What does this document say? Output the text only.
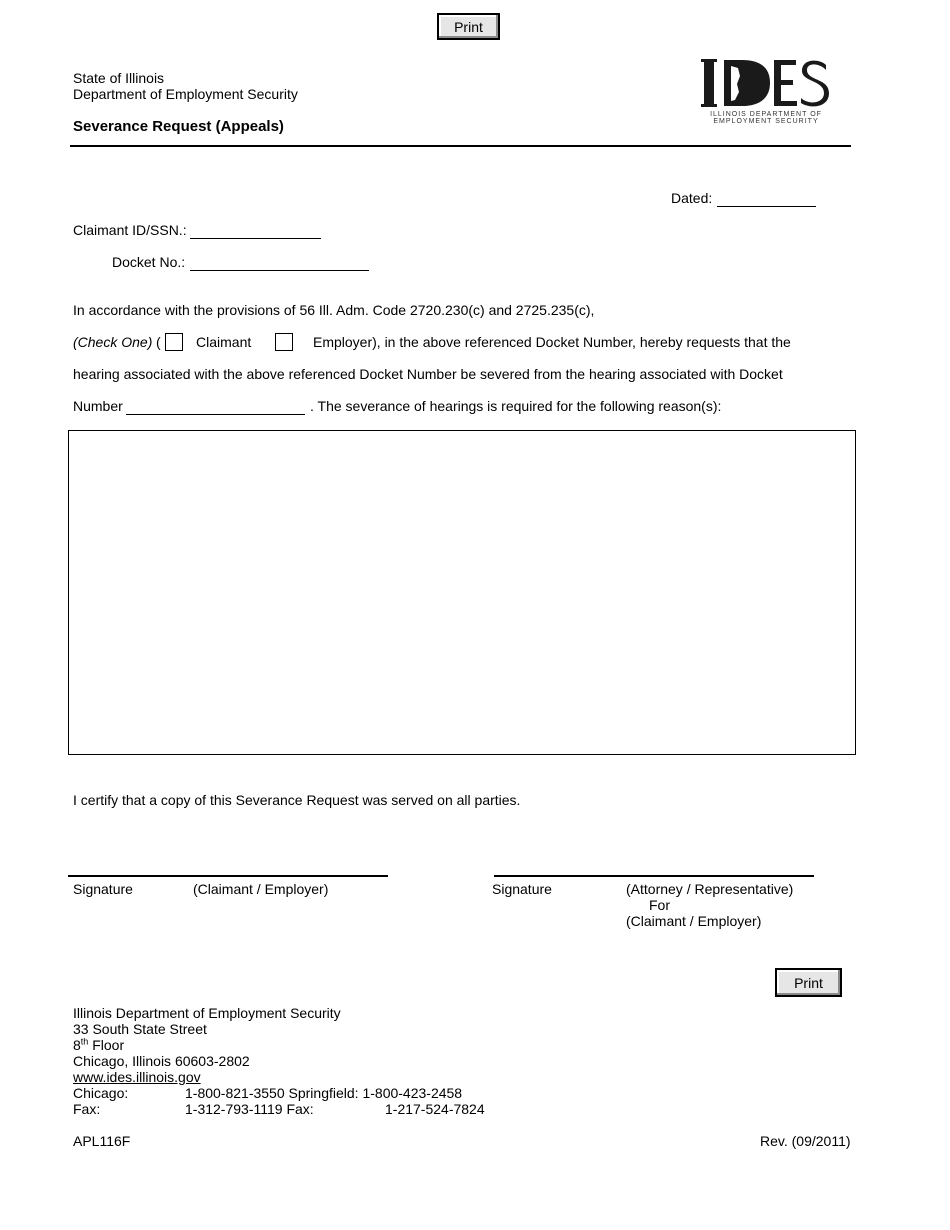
Print
State of Illinois
Department of Employment Security
Severance Request (Appeals)
ILLINOIS DEPARTMENT OF
EMPLOYMENT SECURITY
Dated:
Claimant ID/SSN.:
Docket No.:
In accordance with the provisions of 56 Ill. Adm. Code 2720.230(c) and 2725.235(c),
(Check One) (	Claimant	Employer), in the above referenced Docket Number, hereby requests that the
hearing associated with the above referenced Docket Number be severed from the hearing associated with Docket
Number	. The severance of hearings is required for the following reason(s):
I certify that a copy of this Severance Request was served on all parties.
Signature	(Claimant / Employer)	Signature	(Attorney / Representative)
For
(Claimant / Employer)
Print
Illinois Department of Employment Security
33 South State Street
8th Floor
Chicago, Illinois 60603-2802
www.ides.illinois.gov
Chicago:	1-800-821-3550 Springfield: 1-800-423-2458
Fax:	1-312-793-1119 Fax:	1-217-524-7824
APL116F	Rev. (09/2011)
